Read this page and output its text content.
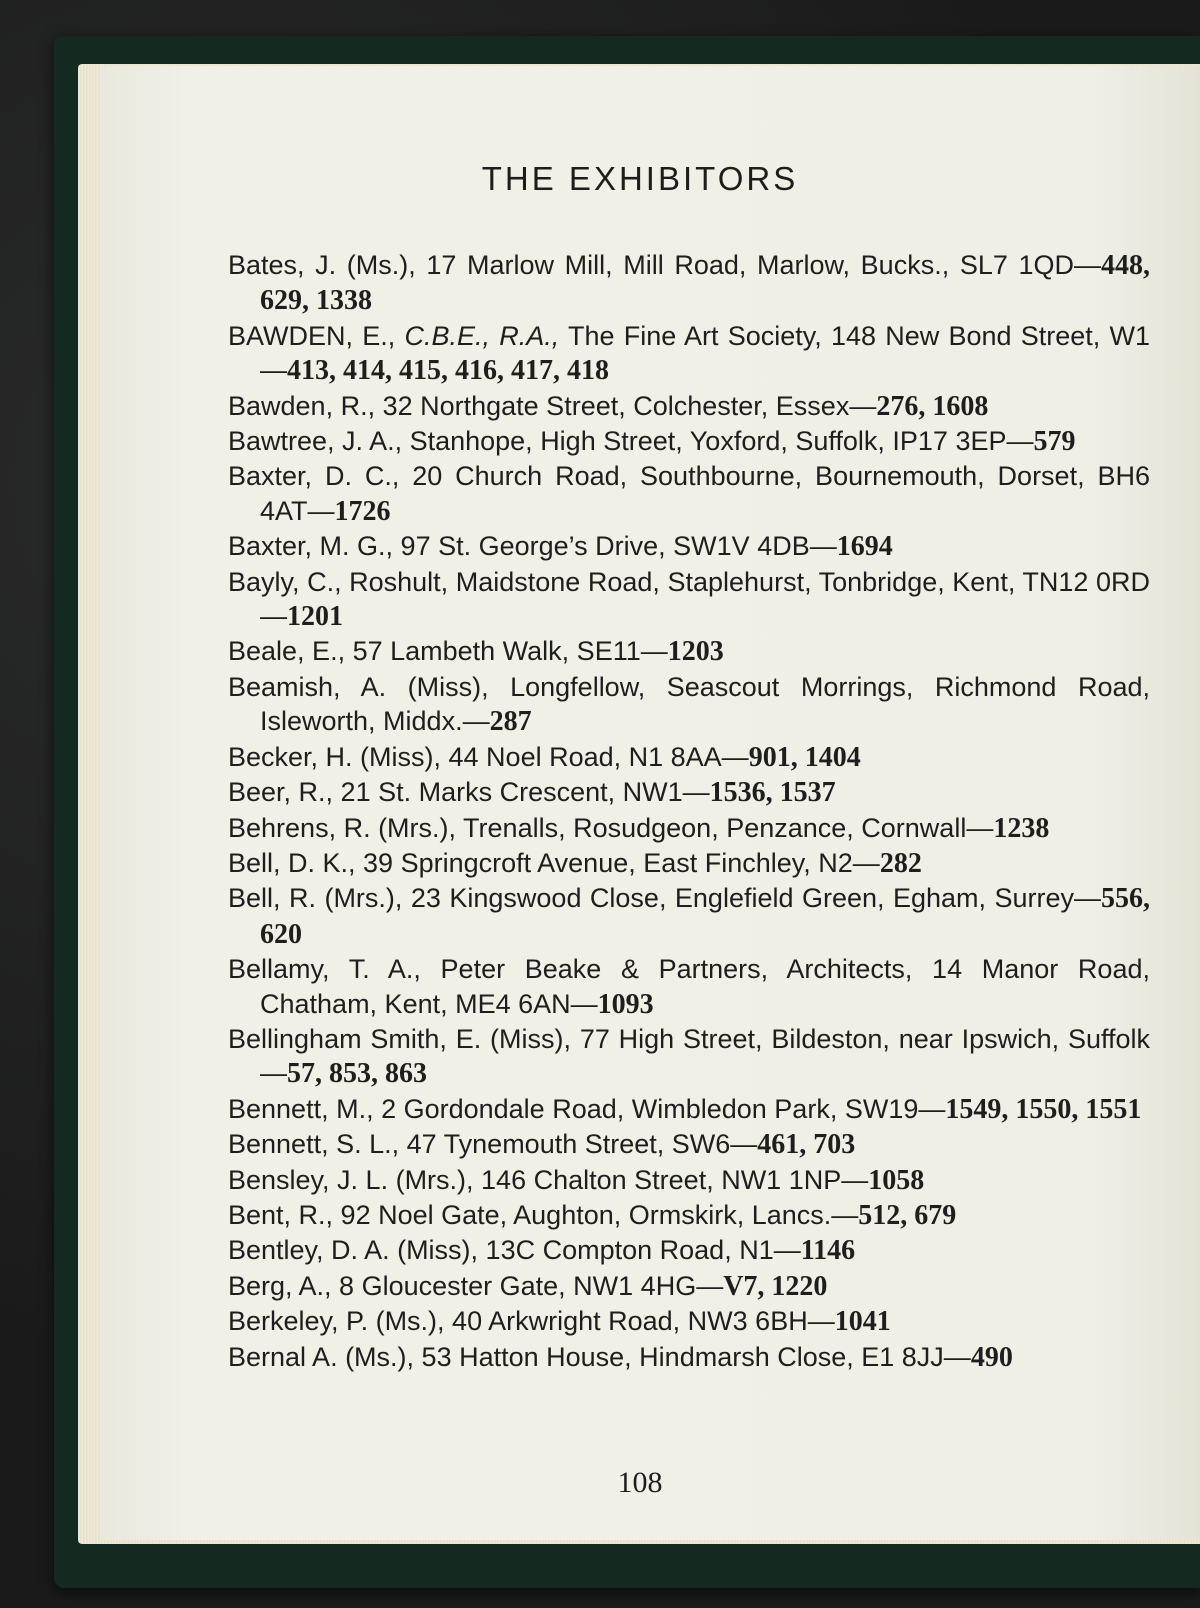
THE EXHIBITORS
Bates, J. (Ms.), 17 Marlow Mill, Mill Road, Marlow, Bucks., SL7 1QD—448, 629, 1338
BAWDEN, E., C.B.E., R.A., The Fine Art Society, 148 New Bond Street, W1—413, 414, 415, 416, 417, 418
Bawden, R., 32 Northgate Street, Colchester, Essex—276, 1608
Bawtree, J. A., Stanhope, High Street, Yoxford, Suffolk, IP17 3EP—579
Baxter, D. C., 20 Church Road, Southbourne, Bournemouth, Dorset, BH6 4AT—1726
Baxter, M. G., 97 St. George’s Drive, SW1V 4DB—1694
Bayly, C., Roshult, Maidstone Road, Staplehurst, Tonbridge, Kent, TN12 0RD—1201
Beale, E., 57 Lambeth Walk, SE11—1203
Beamish, A. (Miss), Longfellow, Seascout Morrings, Richmond Road, Isleworth, Middx.—287
Becker, H. (Miss), 44 Noel Road, N1 8AA—901, 1404
Beer, R., 21 St. Marks Crescent, NW1—1536, 1537
Behrens, R. (Mrs.), Trenalls, Rosudgeon, Penzance, Cornwall—1238
Bell, D. K., 39 Springcroft Avenue, East Finchley, N2—282
Bell, R. (Mrs.), 23 Kingswood Close, Englefield Green, Egham, Surrey—556, 620
Bellamy, T. A., Peter Beake & Partners, Architects, 14 Manor Road, Chatham, Kent, ME4 6AN—1093
Bellingham Smith, E. (Miss), 77 High Street, Bildeston, near Ipswich, Suffolk—57, 853, 863
Bennett, M., 2 Gordondale Road, Wimbledon Park, SW19—1549, 1550, 1551
Bennett, S. L., 47 Tynemouth Street, SW6—461, 703
Bensley, J. L. (Mrs.), 146 Chalton Street, NW1 1NP—1058
Bent, R., 92 Noel Gate, Aughton, Ormskirk, Lancs.—512, 679
Bentley, D. A. (Miss), 13C Compton Road, N1—1146
Berg, A., 8 Gloucester Gate, NW1 4HG—V7, 1220
Berkeley, P. (Ms.), 40 Arkwright Road, NW3 6BH—1041
Bernal A. (Ms.), 53 Hatton House, Hindmarsh Close, E1 8JJ—490
108
